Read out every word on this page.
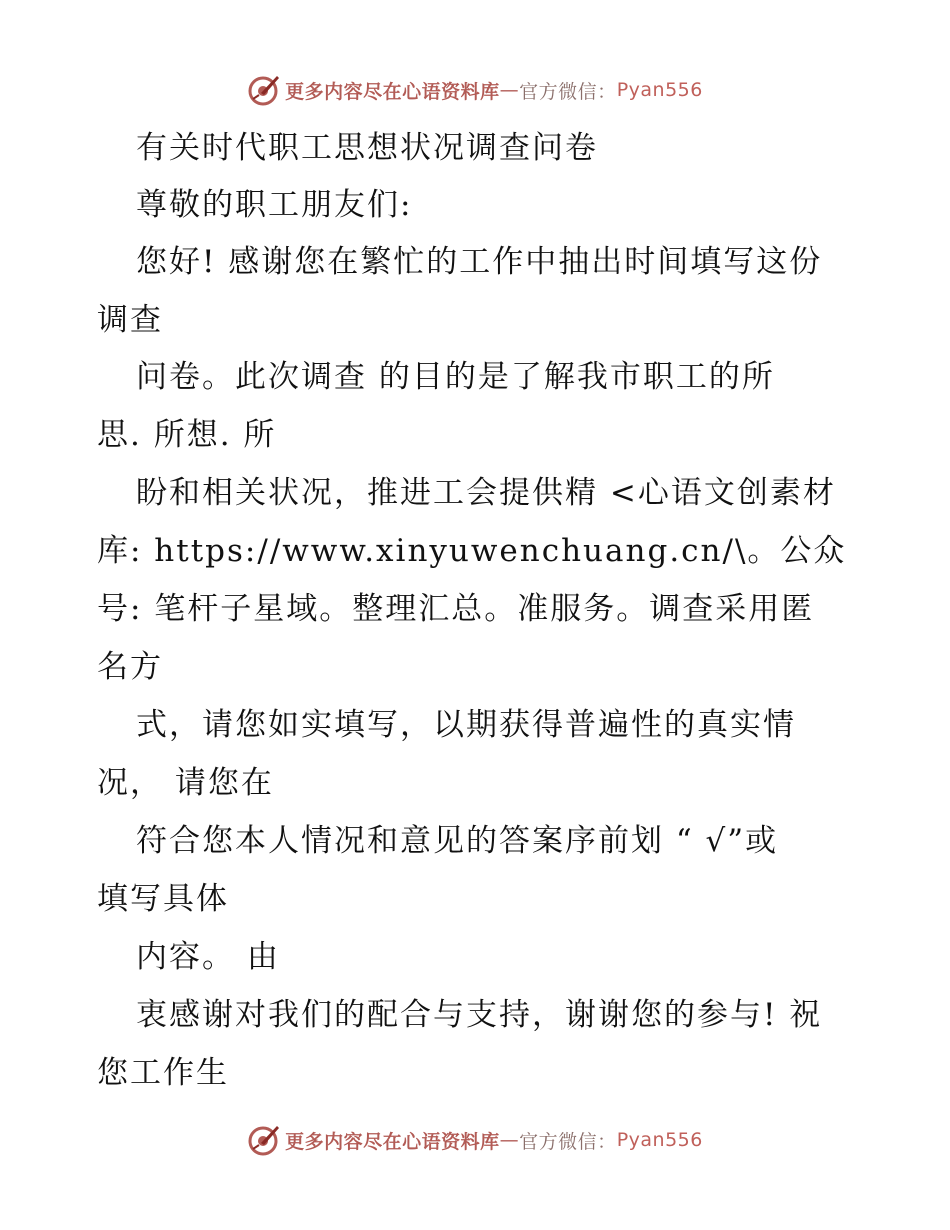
更多内容尽在心语资料库 — 官方微信： Pyan556
有关时代职工思想状况调查问卷
尊敬的职工朋友们:
您好! 感谢您在繁忙的工作中抽出时间填写这份
调查
问卷。此次调查 的目的是了解我市职工的所
思. 所想. 所
盼和相关状况，推进工会提供精 <心语文创素材
库: https://www.xinyuwenchuang.cn/\。公众
号: 笔杆子星域。整理汇总。准服务。调查采用匿
名方
式，请您如实填写，以期获得普遍性的真实情
况， 请您在
符合您本人情况和意见的答案序前划 “ √”或
填写具体
内容。 由
衷感谢对我们的配合与支持，谢谢您的参与! 祝
您工作生
更多内容尽在心语资料库 — 官方微信： Pyan556
